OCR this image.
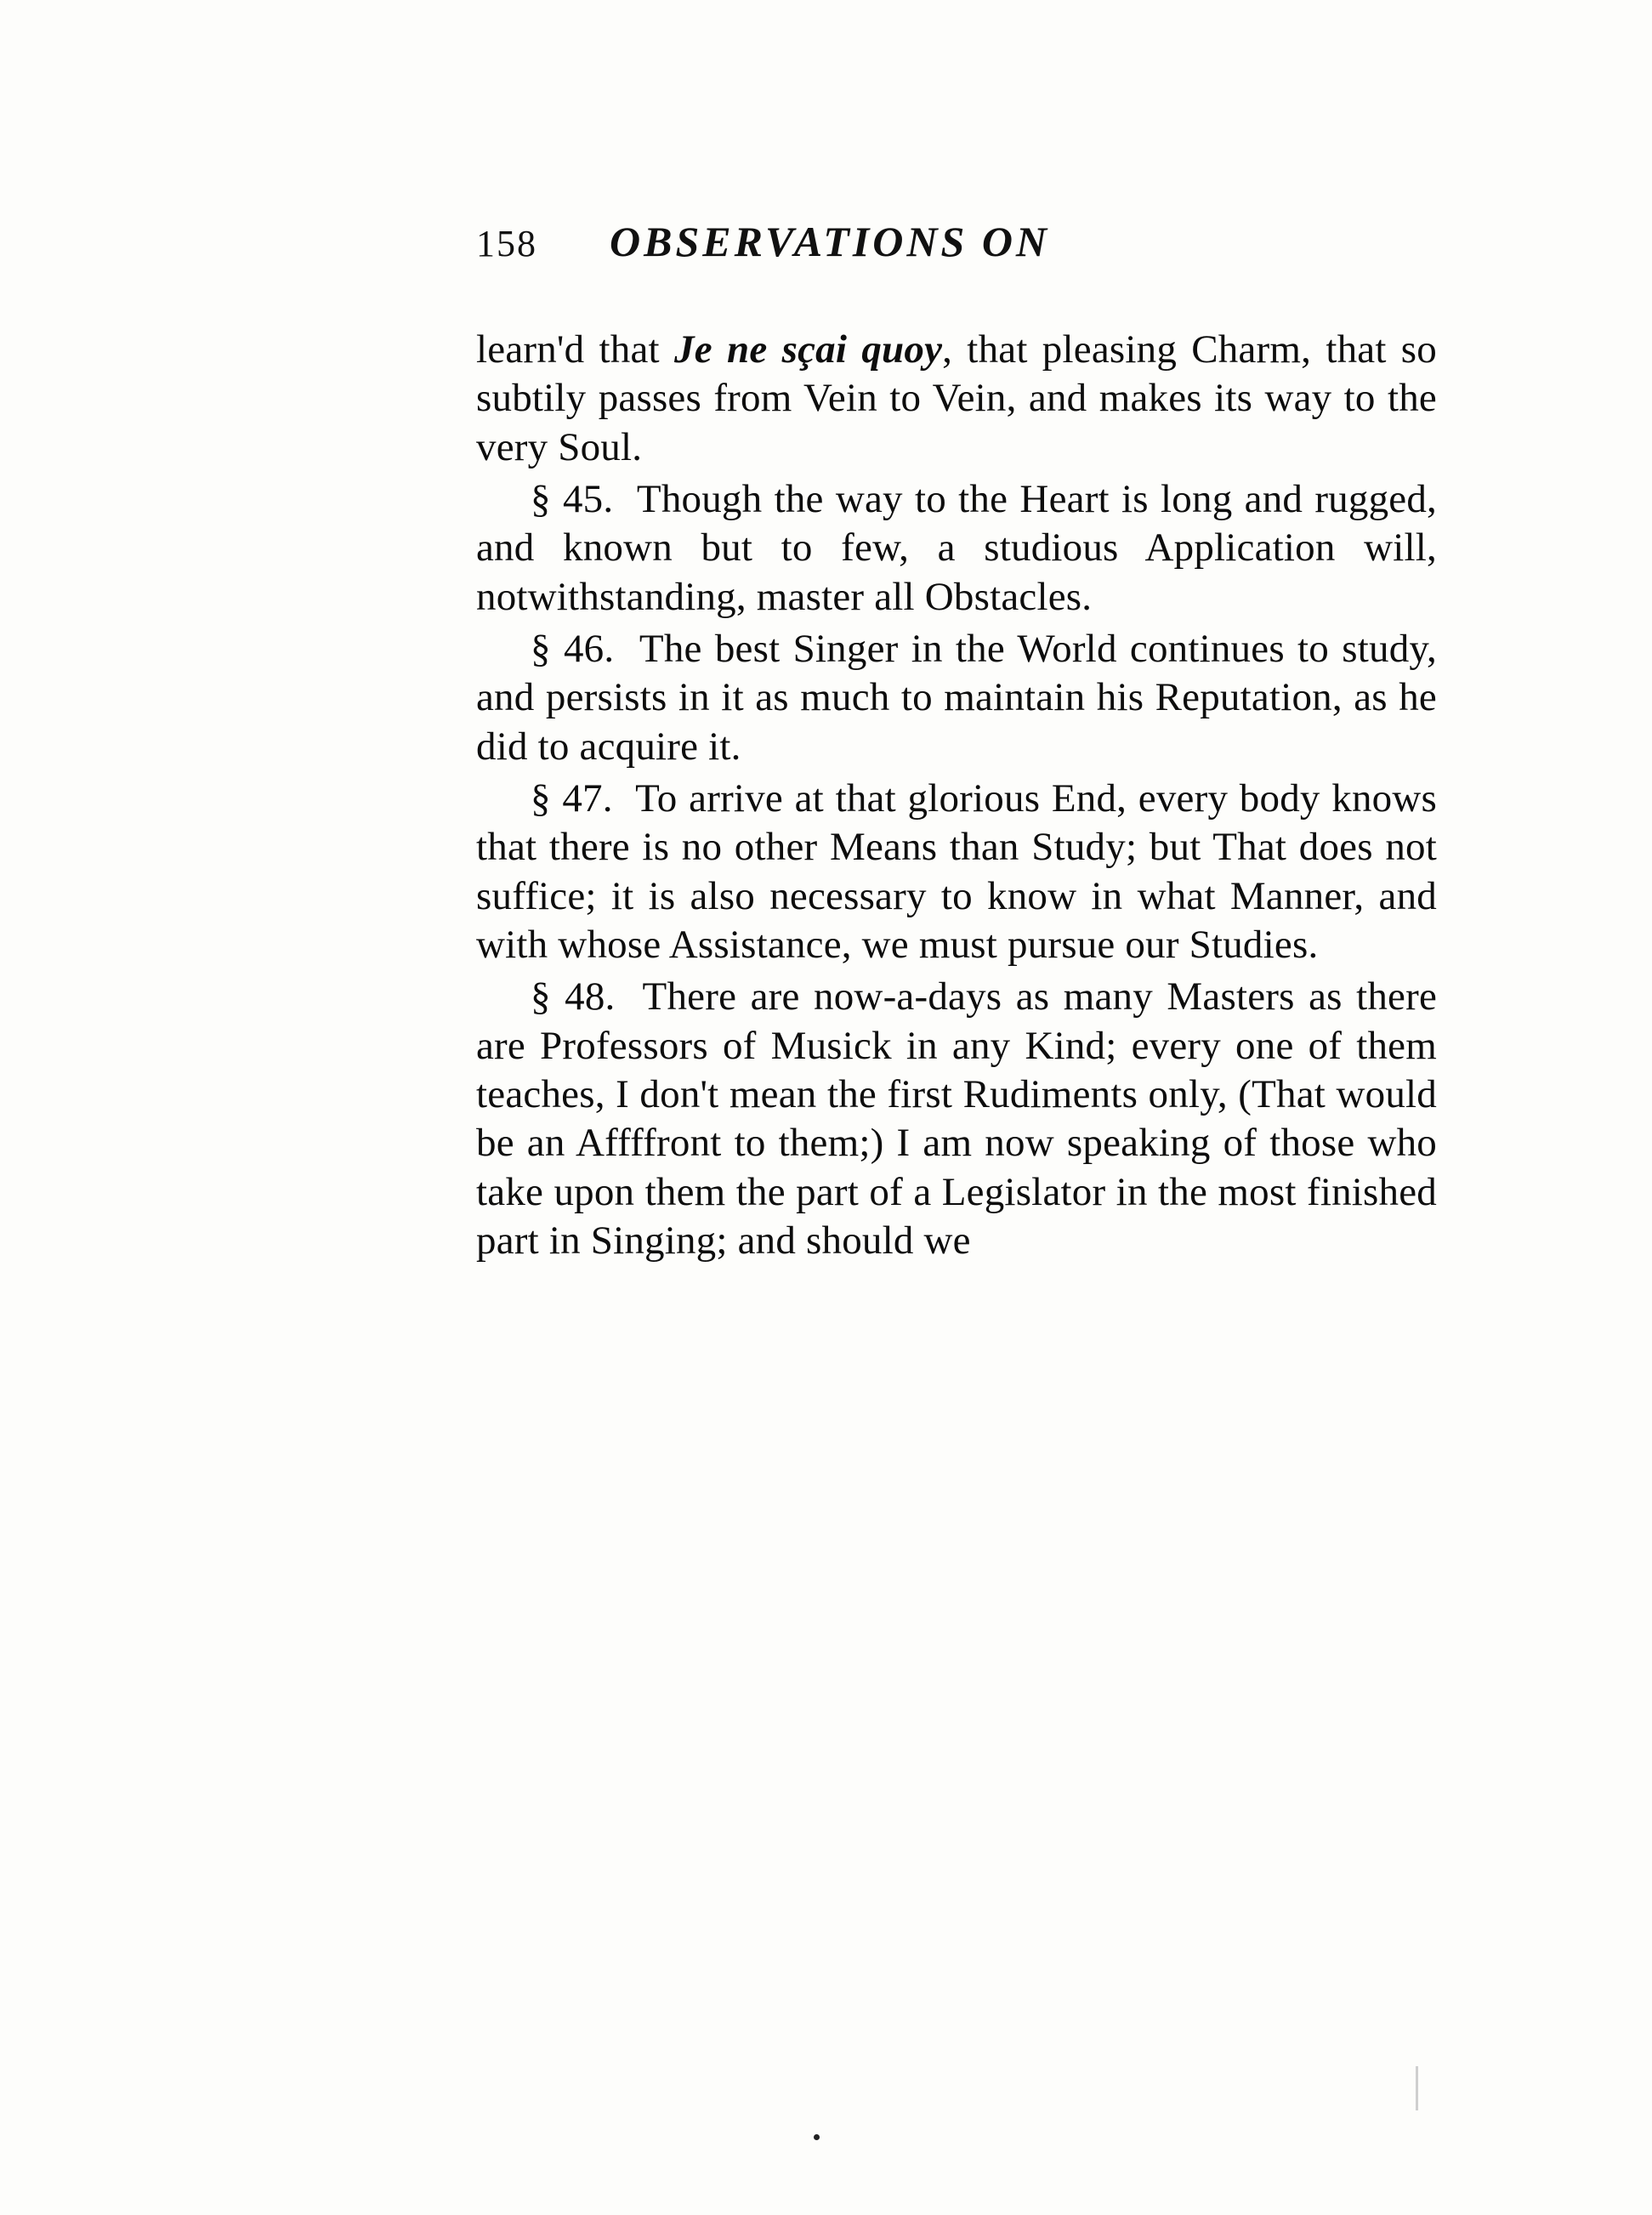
158 OBSERVATIONS ON

learn'd that Je ne sçai quoy, that pleasing Charm, that so subtily passes from Vein to Vein, and makes its way to the very Soul.

§ 45.  Though the way to the Heart is long and rugged, and known but to few, a studious Application will, notwithstanding, master all Obstacles.

§ 46.  The best Singer in the World continues to study, and persists in it as much to maintain his Reputation, as he did to acquire it.

§ 47.  To arrive at that glorious End, every body knows that there is no other Means than Study; but That does not suffice; it is also necessary to know in what Manner, and with whose Assistance, we must pursue our Studies.

§ 48.  There are now-a-days as many Masters as there are Professors of Musick in any Kind; every one of them teaches, I don't mean the first Rudiments only, (That would be an Affffront to them;) I am now speaking of those who take upon them the part of a Legislator in the most finished part in Singing; and should we
